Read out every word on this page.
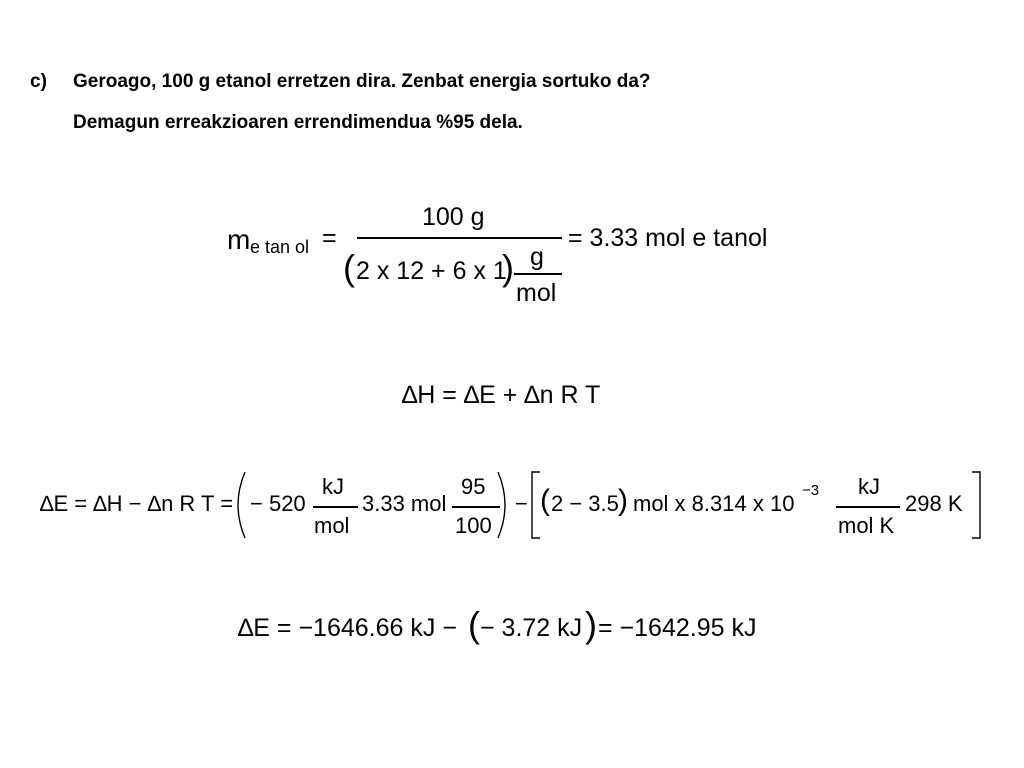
c) Geroago, 100 g etanol erretzen dira. Zenbat energia sortuko da?
Demagun erreakzioaren errendimendua %95 dela.
m e tan ol =
100 g
( 2 x 12 + 6 x 1
) g
mol
= 3.33 mol e tanol
∆H = ∆E + ∆n R T
∆E = ∆H − ∆n R T = − 520
kJ
mol
3.33 mol
95
100
− ( 2 − 3.5 ) mol x 8.314 x 10
−3 kJ
mol K
298 K
∆E = −1646.66 kJ − ( − 3.72 kJ ) = −1642.95 kJ
